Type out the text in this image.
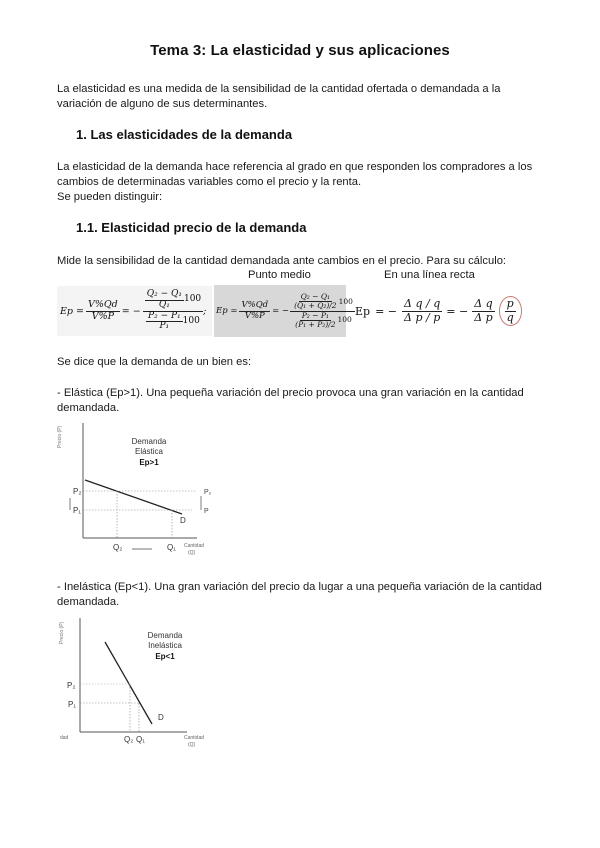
Tema 3: La elasticidad y sus aplicaciones
La elasticidad es una medida de la sensibilidad de la cantidad ofertada o demandada a la
variación de alguno de sus determinantes.
1. Las elasticidades de la demanda
La elasticidad de la demanda hace referencia al grado en que responden los compradores a los
cambios de determinadas variables como el precio y la renta.
Se pueden distinguir:
1.1. Elasticidad precio de la demanda
Mide la sensibilidad de la cantidad demandada ante cambios en el precio. Para su cálculo:
Punto medio	En una línea recta
$Ep = \frac{V\%Qd}{V\%P}$ = − $\frac{\frac{\text{Q₂ − Q₁}}{\text{Q₁}} 100}{\frac{\text{P₂ − P₁}}{\text{P₁}} 100}$ ; $Ep = \frac{V\%Qd}{V\%P}$ = − $\frac{\frac{\text{Q₂ − Q₁}}{\text{(Q₁ + Q₂)/2}} 100}{\frac{\text{P₂ − P₁}}{\text{(P₁ + P₂)/2}} 100}$ Ep = − $\frac{\text{Δ q / q}}{\text{Δ p / p}}$ = − $\frac{\text{Δ q}}{\text{Δ p}} \frac{p}{q}$
Se dice que la demanda de un bien es:
- Elástica (Ep>1). Una pequeña variación del precio provoca una gran variación en la cantidad
demandada.
Precio (P)	Demanda
Elástica
Ep>1
P₂
P₁
D
Q₂	Q₁ Cantidad
(Q)
P₂
P
- Inelástica (Ep<1). Una gran variación del precio da lugar a una pequeña variación de la cantidad
demandada.
Precio (P)	Demanda
Inelástica
Ep<1
P₂
P₁
D
Q₂ Q₁	Cantidad
(Q)
dad
